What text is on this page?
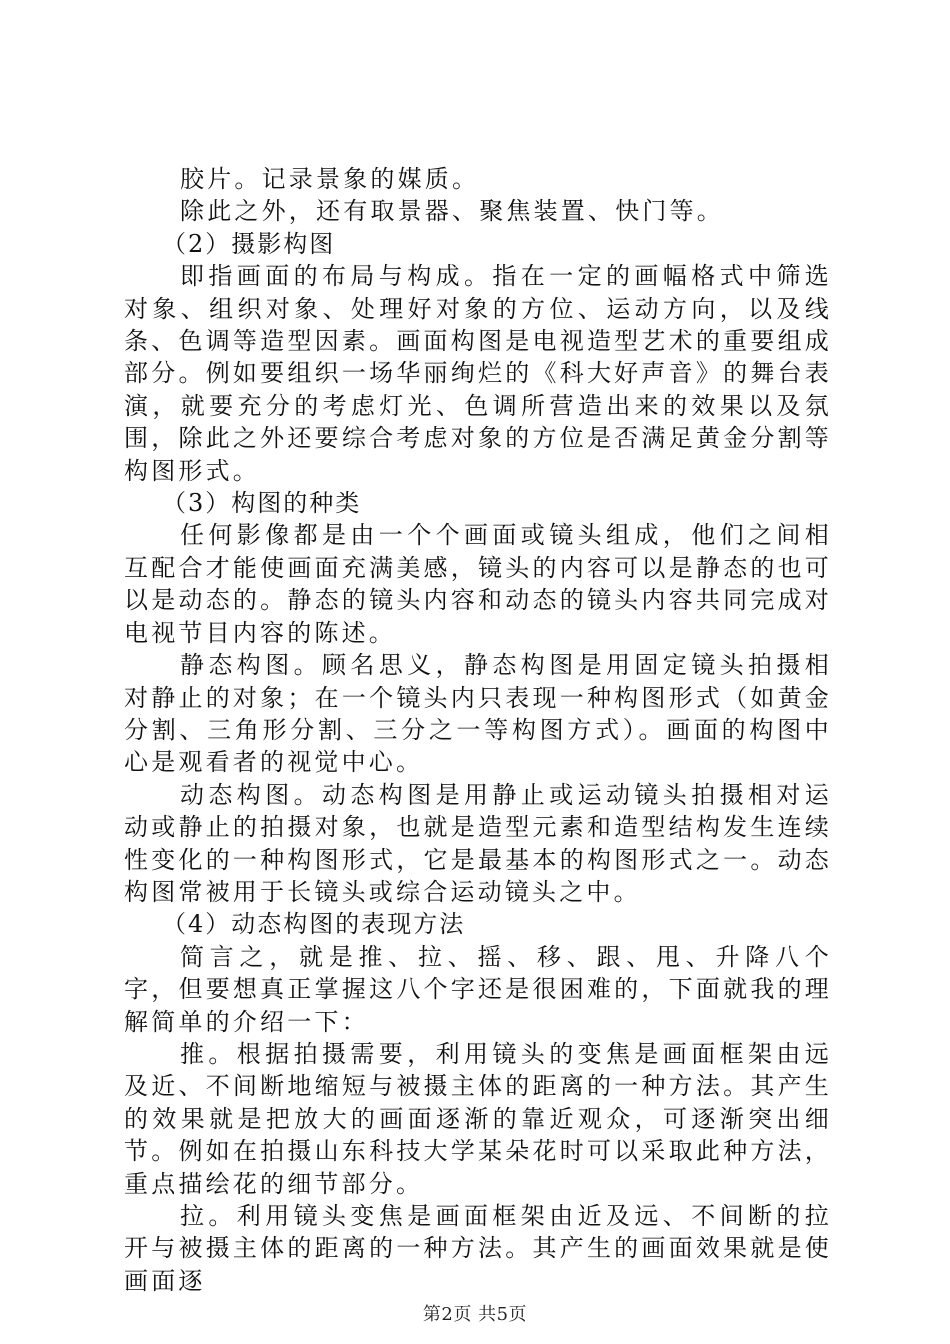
胶片。记录景象的媒质。

除此之外，还有取景器、聚焦装置、快门等。

（2）摄影构图

即指画面的布局与构成。指在一定的画幅格式中筛选对象、组织对象、处理好对象的方位、运动方向，以及线条、色调等造型因素。画面构图是电视造型艺术的重要组成部分。例如要组织一场华丽绚烂的《科大好声音》的舞台表演，就要充分的考虑灯光、色调所营造出来的效果以及氛围，除此之外还要综合考虑对象的方位是否满足黄金分割等构图形式。

（3）构图的种类

任何影像都是由一个个画面或镜头组成，他们之间相互配合才能使画面充满美感，镜头的内容可以是静态的也可以是动态的。静态的镜头内容和动态的镜头内容共同完成对电视节目内容的陈述。

静态构图。顾名思义，静态构图是用固定镜头拍摄相对静止的对象；在一个镜头内只表现一种构图形式（如黄金分割、三角形分割、三分之一等构图方式）。画面的构图中心是观看者的视觉中心。

动态构图。动态构图是用静止或运动镜头拍摄相对运动或静止的拍摄对象，也就是造型元素和造型结构发生连续性变化的一种构图形式，它是最基本的构图形式之一。动态构图常被用于长镜头或综合运动镜头之中。

（4）动态构图的表现方法

简言之，就是推、拉、摇、移、跟、甩、升降八个字，但要想真正掌握这八个字还是很困难的，下面就我的理解简单的介绍一下：

推。根据拍摄需要，利用镜头的变焦是画面框架由远及近、不间断地缩短与被摄主体的距离的一种方法。其产生的效果就是把放大的画面逐渐的靠近观众，可逐渐突出细节。例如在拍摄山东科技大学某朵花时可以采取此种方法，重点描绘花的细节部分。

拉。利用镜头变焦是画面框架由近及远、不间断的拉开与被摄主体的距离的一种方法。其产生的画面效果就是使画面逐

第2页 共5页
